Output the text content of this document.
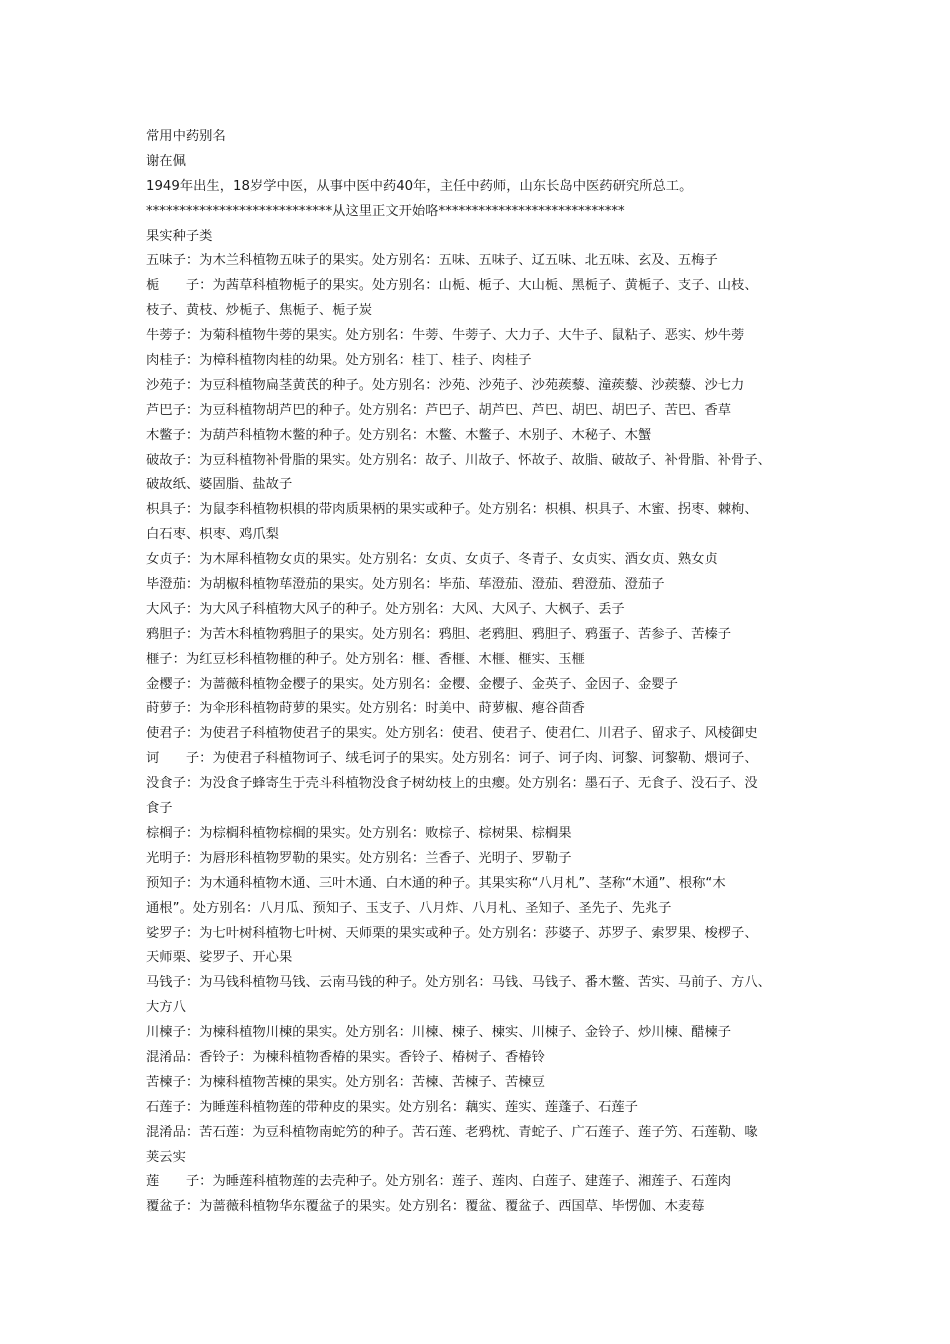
常用中药别名
谢在佩
1949年出生，18岁学中医，从事中医中药40年，主任中药师，山东长岛中医药研究所总工。
****************************从这里正文开始咯****************************
果实种子类
五味子：为木兰科植物五味子的果实。处方别名：五味、五味子、辽五味、北五味、玄及、五梅子
栀　　子：为茜草科植物栀子的果实。处方别名：山栀、栀子、大山栀、黑栀子、黄栀子、支子、山枝、
枝子、黄枝、炒栀子、焦栀子、栀子炭
牛蒡子：为菊科植物牛蒡的果实。处方别名：牛蒡、牛蒡子、大力子、大牛子、鼠粘子、恶实、炒牛蒡
肉桂子：为樟科植物肉桂的幼果。处方别名：桂丁、桂子、肉桂子
沙苑子：为豆科植物扁茎黄芪的种子。处方别名：沙苑、沙苑子、沙苑蒺藜、潼蒺藜、沙蒺藜、沙七力
芦巴子：为豆科植物胡芦巴的种子。处方别名：芦巴子、胡芦巴、芦巴、胡巴、胡巴子、苦巴、香草
木鳖子：为葫芦科植物木鳖的种子。处方别名：木鳖、木鳖子、木别子、木秘子、木蟹
破故子：为豆科植物补骨脂的果实。处方别名：故子、川故子、怀故子、故脂、破故子、补骨脂、补骨子、
破故纸、婆固脂、盐故子
枳具子：为鼠李科植物枳椇的带肉质果柄的果实或种子。处方别名：枳椇、枳具子、木蜜、拐枣、棘枸、
白石枣、枳枣、鸡爪梨
女贞子：为木犀科植物女贞的果实。处方别名：女贞、女贞子、冬青子、女贞实、酒女贞、熟女贞
毕澄茄：为胡椒科植物荜澄茄的果实。处方别名：毕茄、荜澄茄、澄茄、碧澄茄、澄茄子
大风子：为大风子科植物大风子的种子。处方别名：大风、大风子、大枫子、丢子
鸦胆子：为苦木科植物鸦胆子的果实。处方别名：鸦胆、老鸦胆、鸦胆子、鸦蛋子、苦参子、苦榛子
榧子：为红豆杉科植物榧的种子。处方别名：榧、香榧、木榧、榧实、玉榧
金樱子：为蔷薇科植物金樱子的果实。处方别名：金樱、金樱子、金英子、金因子、金婴子
莳萝子：为伞形科植物莳萝的果实。处方别名：时美中、莳萝椒、瘪谷茴香
使君子：为使君子科植物使君子的果实。处方别名：使君、使君子、使君仁、川君子、留求子、风棱御史
诃　　子：为使君子科植物诃子、绒毛诃子的果实。处方别名：诃子、诃子肉、诃黎、诃黎勒、煨诃子、
没食子：为没食子蜂寄生于壳斗科植物没食子树幼枝上的虫瘿。处方别名：墨石子、无食子、没石子、没
食子
棕榈子：为棕榈科植物棕榈的果实。处方别名：败棕子、棕树果、棕榈果
光明子：为唇形科植物罗勒的果实。处方别名：兰香子、光明子、罗勒子
预知子：为木通科植物木通、三叶木通、白木通的种子。其果实称“八月札”、茎称“木通”、根称“木
通根”。处方别名：八月瓜、预知子、玉支子、八月炸、八月札、圣知子、圣先子、先兆子
娑罗子：为七叶树科植物七叶树、天师栗的果实或种子。处方别名：莎婆子、苏罗子、索罗果、梭椤子、
天师栗、娑罗子、开心果
马钱子：为马钱科植物马钱、云南马钱的种子。处方别名：马钱、马钱子、番木鳖、苦实、马前子、方八、
大方八
川楝子：为楝科植物川楝的果实。处方别名：川楝、楝子、楝实、川楝子、金铃子、炒川楝、醋楝子
混淆品：香铃子：为楝科植物香椿的果实。香铃子、椿树子、香椿铃
苦楝子：为楝科植物苦楝的果实。处方别名：苦楝、苦楝子、苦楝豆
石莲子：为睡莲科植物莲的带种皮的果实。处方别名：藕实、莲实、莲蓬子、石莲子
混淆品：苦石莲：为豆科植物南蛇竻的种子。苦石莲、老鸦枕、青蛇子、广石莲子、莲子竻、石莲勒、喙
荚云实
莲　　子：为睡莲科植物莲的去壳种子。处方别名：莲子、莲肉、白莲子、建莲子、湘莲子、石莲肉
覆盆子：为蔷薇科植物华东覆盆子的果实。处方别名：覆盆、覆盆子、西国草、毕愣伽、木麦莓
